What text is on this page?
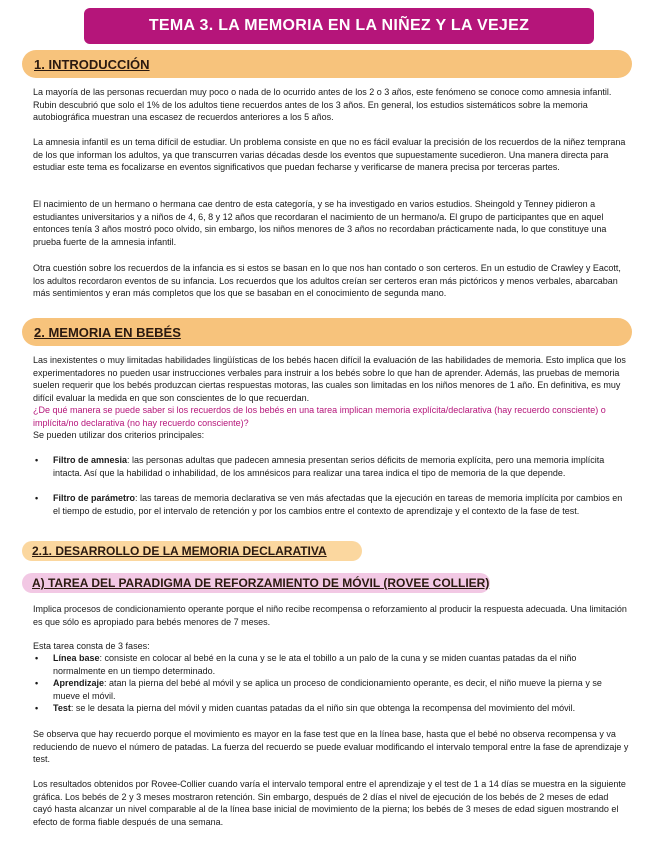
TEMA 3. LA MEMORIA EN LA NIÑEZ Y LA VEJEZ
1. INTRODUCCIÓN

La mayoría de las personas recuerdan muy poco o nada de lo ocurrido antes de los 2 o 3 años, este fenómeno se conoce como amnesia infantil. Rubin descubrió que solo el 1% de los adultos tiene recuerdos antes de los 3 años. En general, los estudios sistemáticos sobre la memoria autobiográfica muestran una escasez de recuerdos anteriores a los 5 años.

La amnesia infantil es un tema difícil de estudiar. Un problema consiste en que no es fácil evaluar la precisión de los recuerdos de la niñez temprana de los que informan los adultos, ya que transcurren varias décadas desde los eventos que supuestamente sucedieron. Una manera directa para estudiar este tema es focalizarse en eventos significativos que puedan fecharse y verificarse de manera precisa por terceras partes.

El nacimiento de un hermano o hermana cae dentro de esta categoría, y se ha investigado en varios estudios. Sheingold y Tenney pidieron a estudiantes universitarios y a niños de 4, 6, 8 y 12 años que recordaran el nacimiento de un hermano/a. El grupo de participantes que en aquel entonces tenía 3 años mostró poco olvido, sin embargo, los niños menores de 3 años no recordaban prácticamente nada, lo que constituye una prueba fuerte de la amnesia infantil.

Otra cuestión sobre los recuerdos de la infancia es si estos se basan en lo que nos han contado o son certeros. En un estudio de Crawley y Eacott, los adultos recordaron eventos de su infancia. Los recuerdos que los adultos creían ser certeros eran más pictóricos y menos verbales, abarcaban más sentimientos y eran más completos que los que se basaban en el conocimiento de segunda mano.

2. MEMORIA EN BEBÉS

Las inexistentes o muy limitadas habilidades lingüísticas de los bebés hacen difícil la evaluación de las habilidades de memoria. Esto implica que los experimentadores no pueden usar instrucciones verbales para instruir a los bebés sobre lo que han de aprender. Además, las pruebas de memoria suelen requerir que los bebés produzcan ciertas respuestas motoras, las cuales son limitadas en los niños menores de 1 año. En definitiva, es muy difícil evaluar la medida en que son conscientes de lo que recuerdan.

¿De qué manera se puede saber si los recuerdos de los bebés en una tarea implican memoria explícita/declarativa (hay recuerdo consciente) o implícita/no declarativa (no hay recuerdo consciente)?

Se pueden utilizar dos criterios principales:

• Filtro de amnesia: las personas adultas que padecen amnesia presentan serios déficits de memoria explícita, pero una memoria implícita intacta. Así que la habilidad o inhabilidad, de los amnésicos para realizar una tarea indica el tipo de memoria de la que depende.

• Filtro de parámetro: las tareas de memoria declarativa se ven más afectadas que la ejecución en tareas de memoria implícita por cambios en el tiempo de estudio, por el intervalo de retención y por los cambios entre el contexto de aprendizaje y el contexto de la fase de test.

2.1. DESARROLLO DE LA MEMORIA DECLARATIVA
A) TAREA DEL PARADIGMA DE REFORZAMIENTO DE MÓVIL (ROVEE COLLIER)

Implica procesos de condicionamiento operante porque el niño recibe recompensa o reforzamiento al producir la respuesta adecuada. Una limitación es que sólo es apropiado para bebés menores de 7 meses.

Esta tarea consta de 3 fases:

• Línea base: consiste en colocar al bebé en la cuna y se le ata el tobillo a un palo de la cuna y se miden cuantas patadas da el niño normalmente en un tiempo determinado.

• Aprendizaje: atan la pierna del bebé al móvil y se aplica un proceso de condicionamiento operante, es decir, el niño mueve la pierna y se mueve el móvil.

• Test: se le desata la pierna del móvil y miden cuantas patadas da el niño sin que obtenga la recompensa del movimiento del móvil.

Se observa que hay recuerdo porque el movimiento es mayor en la fase test que en la línea base, hasta que el bebé no observa recompensa y va reduciendo de nuevo el número de patadas. La fuerza del recuerdo se puede evaluar modificando el intervalo temporal entre la fase de aprendizaje y test.

Los resultados obtenidos por Rovee-Collier cuando varía el intervalo temporal entre el aprendizaje y el test de 1 a 14 días se muestra en la siguiente gráfica. Los bebés de 2 y 3 meses mostraron retención. Sin embargo, después de 2 días el nivel de ejecución de los bebés de 2 meses de edad cayó hasta alcanzar un nivel comparable al de la línea base inicial de movimiento de la pierna; los bebés de 3 meses de edad siguen mostrando el efecto de forma fiable después de una semana.
